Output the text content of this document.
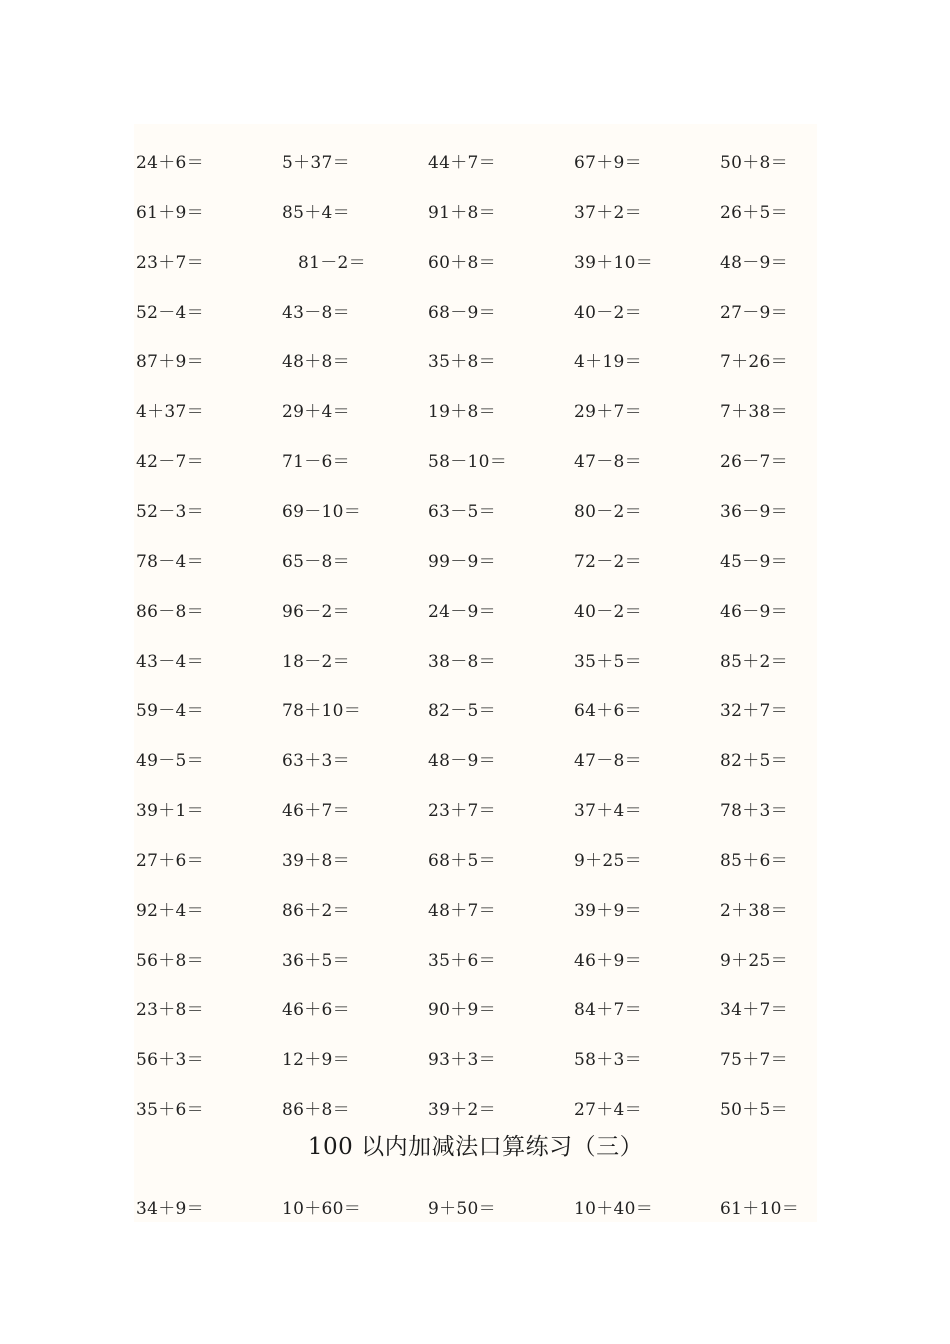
24＋6＝	5＋37＝	44＋7＝	67＋9＝	50＋8＝
61＋9＝	85＋4＝	91＋8＝	37＋2＝	26＋5＝
23＋7＝	81－2＝	60＋8＝	39＋10＝	48－9＝
52－4＝	43－8＝	68－9＝	40－2＝	27－9＝
87＋9＝	48＋8＝	35＋8＝	4＋19＝	7＋26＝
4＋37＝	29＋4＝	19＋8＝	29＋7＝	7＋38＝
42－7＝	71－6＝	58－10＝	47－8＝	26－7＝
52－3＝	69－10＝	63－5＝	80－2＝	36－9＝
78－4＝	65－8＝	99－9＝	72－2＝	45－9＝
86－8＝	96－2＝	24－9＝	40－2＝	46－9＝
43－4＝	18－2＝	38－8＝	35＋5＝	85＋2＝
59－4＝	78＋10＝	82－5＝	64＋6＝	32＋7＝
49－5＝	63＋3＝	48－9＝	47－8＝	82＋5＝
39＋1＝	46＋7＝	23＋7＝	37＋4＝	78＋3＝
27＋6＝	39＋8＝	68＋5＝	9＋25＝	85＋6＝
92＋4＝	86＋2＝	48＋7＝	39＋9＝	2＋38＝
56＋8＝	36＋5＝	35＋6＝	46＋9＝	9＋25＝
23＋8＝	46＋6＝	90＋9＝	84＋7＝	34＋7＝
56＋3＝	12＋9＝	93＋3＝	58＋3＝	75＋7＝
35＋6＝	86＋8＝	39＋2＝	27＋4＝	50＋5＝
100 以内加减法口算练习（三）
34＋9＝	10＋60＝	9＋50＝	10＋40＝	61＋10＝
